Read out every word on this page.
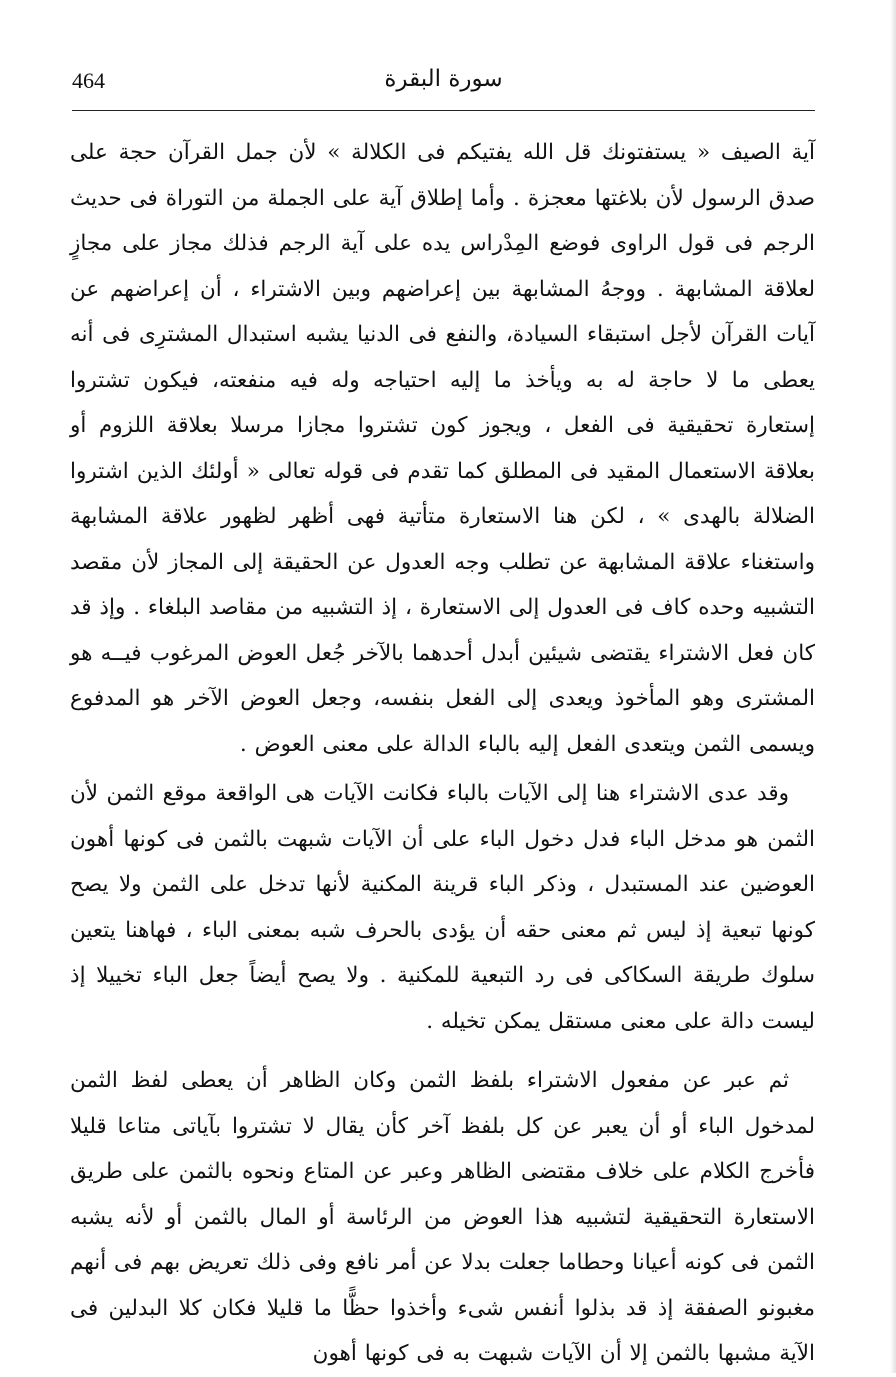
464	سورة البقرة

آية الصيف « يستفتونك قل الله يفتيكم فى الكلالة » لأن جمل القرآن حجة على صدق الرسول لأن بلاغتها معجزة . وأما إطلاق آية على الجملة من التوراة فى حديث الرجم فى قول الراوى فوضع المِدْراس يده على آية الرجم فذلك مجاز على مجازٍ لعلاقة المشابهة . ووجهُ المشابهة بين إعراضهم وبين الاشتراء ، أن إعراضهم عن آيات القرآن لأجل استبقاء السيادة، والنفع فى الدنيا يشبه استبدال المشترِى فى أنه يعطى ما لا حاجة له به ويأخذ ما إليه احتياجه وله فيه منفعته، فيكون تشتروا إستعارة تحقيقية فى الفعل ، ويجوز كون تشتروا مجازا مرسلا بعلاقة اللزوم أو بعلاقة الاستعمال المقيد فى المطلق كما تقدم فى قوله تعالى « أولئك الذين اشتروا الضلالة بالهدى » ، لكن هنا الاستعارة متأتية فهى أظهر لظهور علاقة المشابهة واستغناء علاقة المشابهة عن تطلب وجه العدول عن الحقيقة إلى المجاز لأن مقصد التشبيه وحده كاف فى العدول إلى الاستعارة ، إذ التشبيه من مقاصد البلغاء . وإذ قد كان فعل الاشتراء يقتضى شيئين أبدل أحدهما بالآخر جُعل العوض المرغوب فيــه هو المشترى وهو المأخوذ ويعدى إلى الفعل بنفسه، وجعل العوض الآخر هو المدفوع ويسمى الثمن ويتعدى الفعل إليه بالباء الدالة على معنى العوض .

وقد عدى الاشتراء هنا إلى الآيات بالباء فكانت الآيات هى الواقعة موقع الثمن لأن الثمن هو مدخل الباء فدل دخول الباء على أن الآيات شبهت بالثمن فى كونها أهون العوضين عند المستبدل ، وذكر الباء قرينة المكنية لأنها تدخل على الثمن ولا يصح كونها تبعية إذ ليس ثم معنى حقه أن يؤدى بالحرف شبه بمعنى الباء ، فهاهنا يتعين سلوك طريقة السكاكى فى رد التبعية للمكنية . ولا يصح أيضاً جعل الباء تخييلا إذ ليست دالة على معنى مستقل يمكن تخيله .

ثم عبر عن مفعول الاشتراء بلفظ الثمن وكان الظاهر أن يعطى لفظ الثمن لمدخول الباء أو أن يعبر عن كل بلفظ آخر كأن يقال لا تشتروا بآياتى متاعا قليلا فأخرج الكلام على خلاف مقتضى الظاهر وعبر عن المتاع ونحوه بالثمن على طريق الاستعارة التحقيقية لتشبيه هذا العوض من الرئاسة أو المال بالثمن أو لأنه يشبه الثمن فى كونه أعيانا وحطاما جعلت بدلا عن أمر نافع وفى ذلك تعريض بهم فى أنهم مغبونو الصفقة إذ قد بذلوا أنفس شىء وأخذوا حظًّا ما قليلا فكان كلا البدلين فى الآية مشبها بالثمن إلا أن الآيات شبهت به فى كونها أهون
